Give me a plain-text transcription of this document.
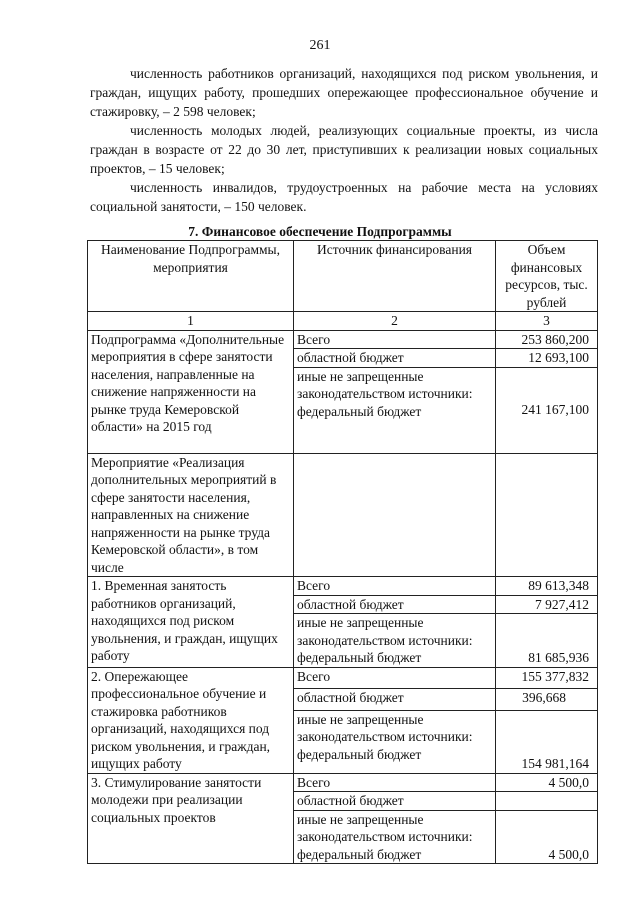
261

численность работников организаций, находящихся под риском увольнения, и граждан, ищущих работу, прошедших опережающее профессиональное обучение и стажировку, – 2 598 человек;

численность молодых людей, реализующих социальные проекты, из числа граждан в возрасте от 22 до 30 лет, приступивших к реализации новых социальных проектов, – 15 человек;

численность инвалидов, трудоустроенных на рабочие места на условиях социальной занятости, – 150 человек.

7. Финансовое обеспечение Подпрограммы
Наименование Подпрограммы, мероприятия	Источник финансирования	Объем финансовых ресурсов, тыс. рублей
1	2	3
Подпрограмма «Дополнительные мероприятия в сфере занятости населения, направленные на снижение напряженности на рынке труда Кемеровской области» на 2015 год	Всего	253 860,200
	областной бюджет	12 693,100

	иные не запрещенные законодательством источники:
федеральный бюджет	241 167,100
Мероприятие «Реализация дополнительных мероприятий в сфере занятости населения, направленных на снижение напряженности на рынке труда Кемеровской области», в том числе		
1. Временная занятость работников организаций, находящихся под риском увольнения, и граждан, ищущих работу	Всего	89 613,348
	областной бюджет	7 927,412

	иные не запрещенные законодательством источники:
федеральный бюджет	81 685,936
2. Опережающее профессиональное обучение и стажировка работников организаций, находящихся под риском увольнения, и граждан, ищущих работу	Всего	155 377,832
	областной бюджет	396,668

	иные не запрещенные законодательством источники:
федеральный бюджет	154 981,164
3. Стимулирование занятости молодежи при реализации социальных проектов	Всего	4 500,0
	областной бюджет	

	иные не запрещенные законодательством источники:
федеральный бюджет	4 500,0
